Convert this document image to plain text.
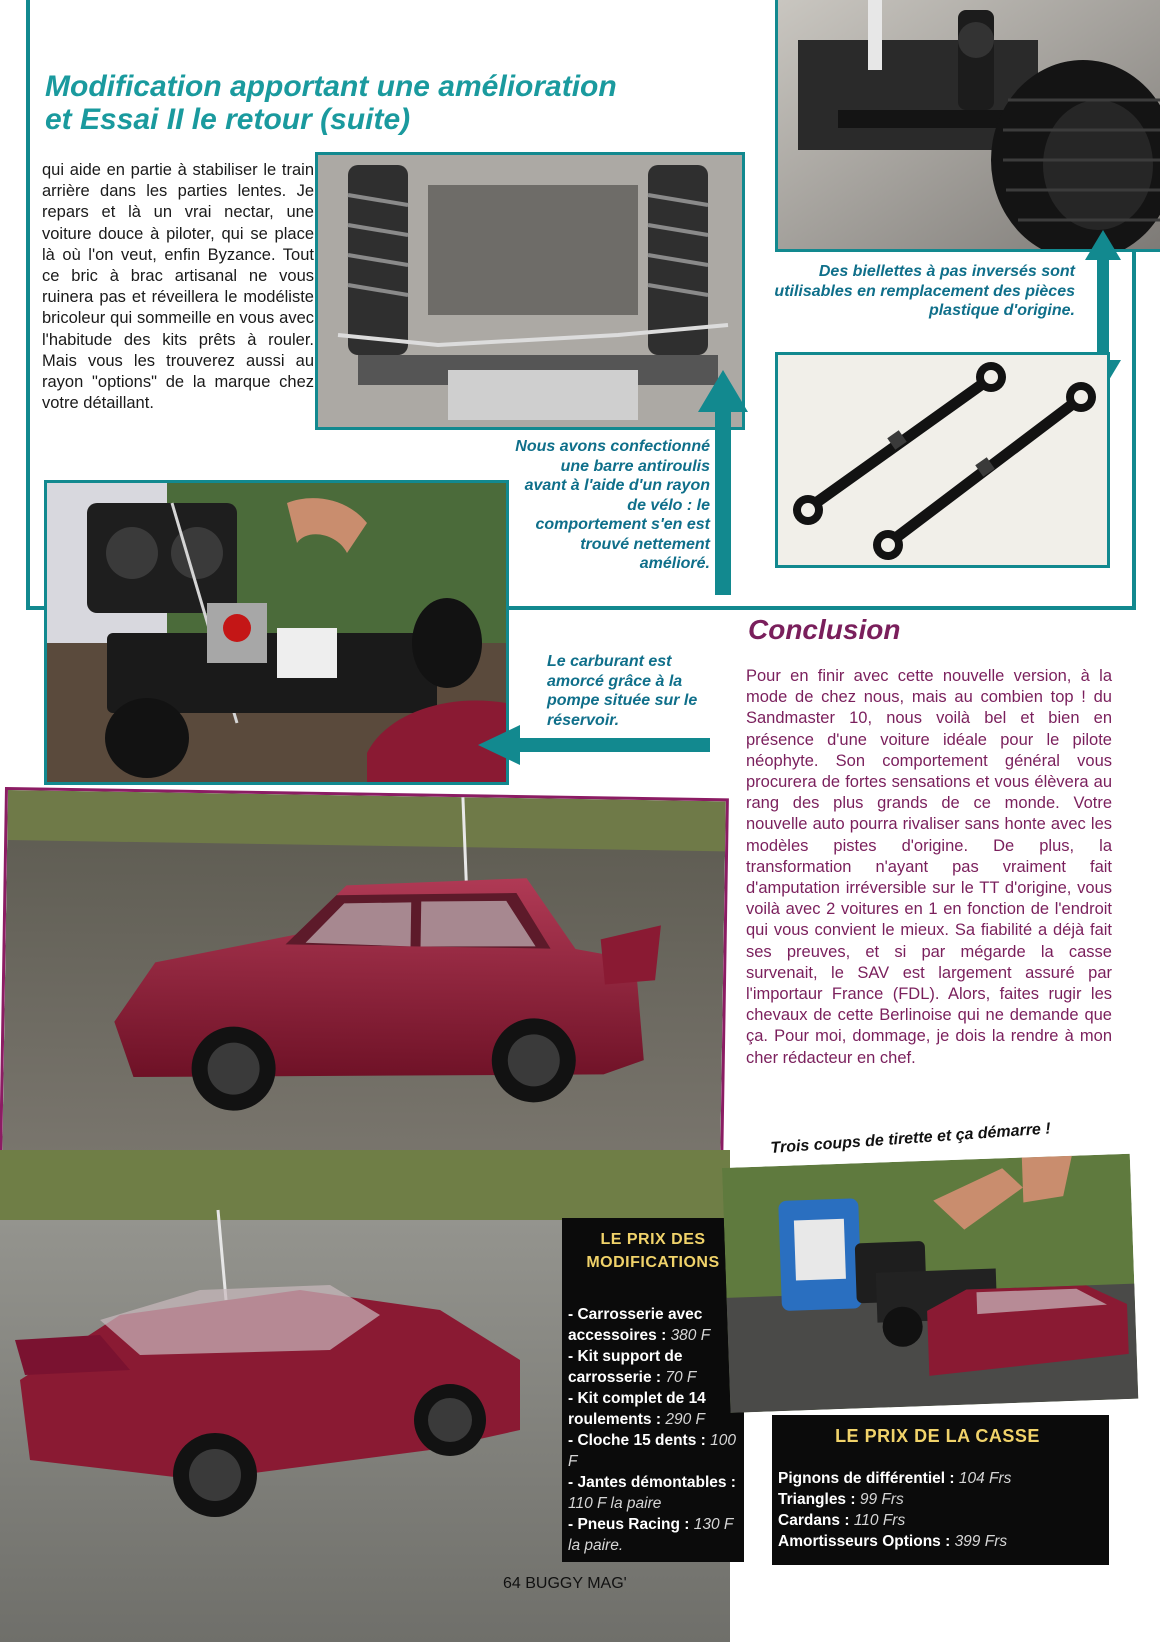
Modification apportant une amélioration
et Essai II le retour (suite)
qui aide en partie à stabiliser le train arrière dans les parties lentes. Je repars et là un vrai nectar, une voiture douce à piloter, qui se place là où l'on veut, enfin Byzance. Tout ce bric à brac artisanal ne vous ruinera pas et réveillera le modéliste bricoleur qui sommeille en vous avec l'habitude des kits prêts à rouler. Mais vous les trouverez aussi au rayon "options" de la marque chez votre détaillant.
Des biellettes à pas inversés sont utilisables en remplacement des pièces plastique d'origine.
Nous avons confectionné une barre antiroulis avant à l'aide d'un rayon de vélo : le comportement s'en est trouvé nettement amélioré.
Le carburant est amorcé grâce à la pompe située sur le réservoir.
Conclusion
Pour en finir avec cette nouvelle version, à la mode de chez nous, mais au combien top ! du Sandmaster 10, nous voilà bel et bien en présence d'une voiture idéale pour le pilote néophyte. Son comportement général vous procurera de fortes sensations et vous élèvera au rang des plus grands de ce monde. Votre nouvelle auto pourra rivaliser sans honte avec les modèles pistes d'origine. De plus, la transformation n'ayant pas vraiment fait d'amputation irréversible sur le TT d'origine, vous voilà avec 2 voitures en 1 en fonction de l'endroit qui vous convient le mieux. Sa fiabilité a déjà fait ses preuves, et si par mégarde la casse survenait, le SAV est largement assuré par l'importaur France (FDL). Alors, faites rugir les chevaux de cette Berlinoise qui ne demande que ça. Pour moi, dommage, je dois la rendre à mon cher rédacteur en chef.
LE PRIX DES
MODIFICATIONS
- Carrosserie avec accessoires : 380 F
- Kit support de carrosserie : 70 F
- Kit complet de 14 roulements : 290 F
- Cloche 15 dents : 100 F
- Jantes démontables : 110 F la paire
- Pneus Racing : 130 F la paire.
Trois coups de tirette et ça démarre !
LE PRIX DE LA CASSE
Pignons de différentiel : 104 Frs
Triangles : 99 Frs
Cardans : 110 Frs
Amortisseurs Options : 399 Frs
64 BUGGY MAG'
